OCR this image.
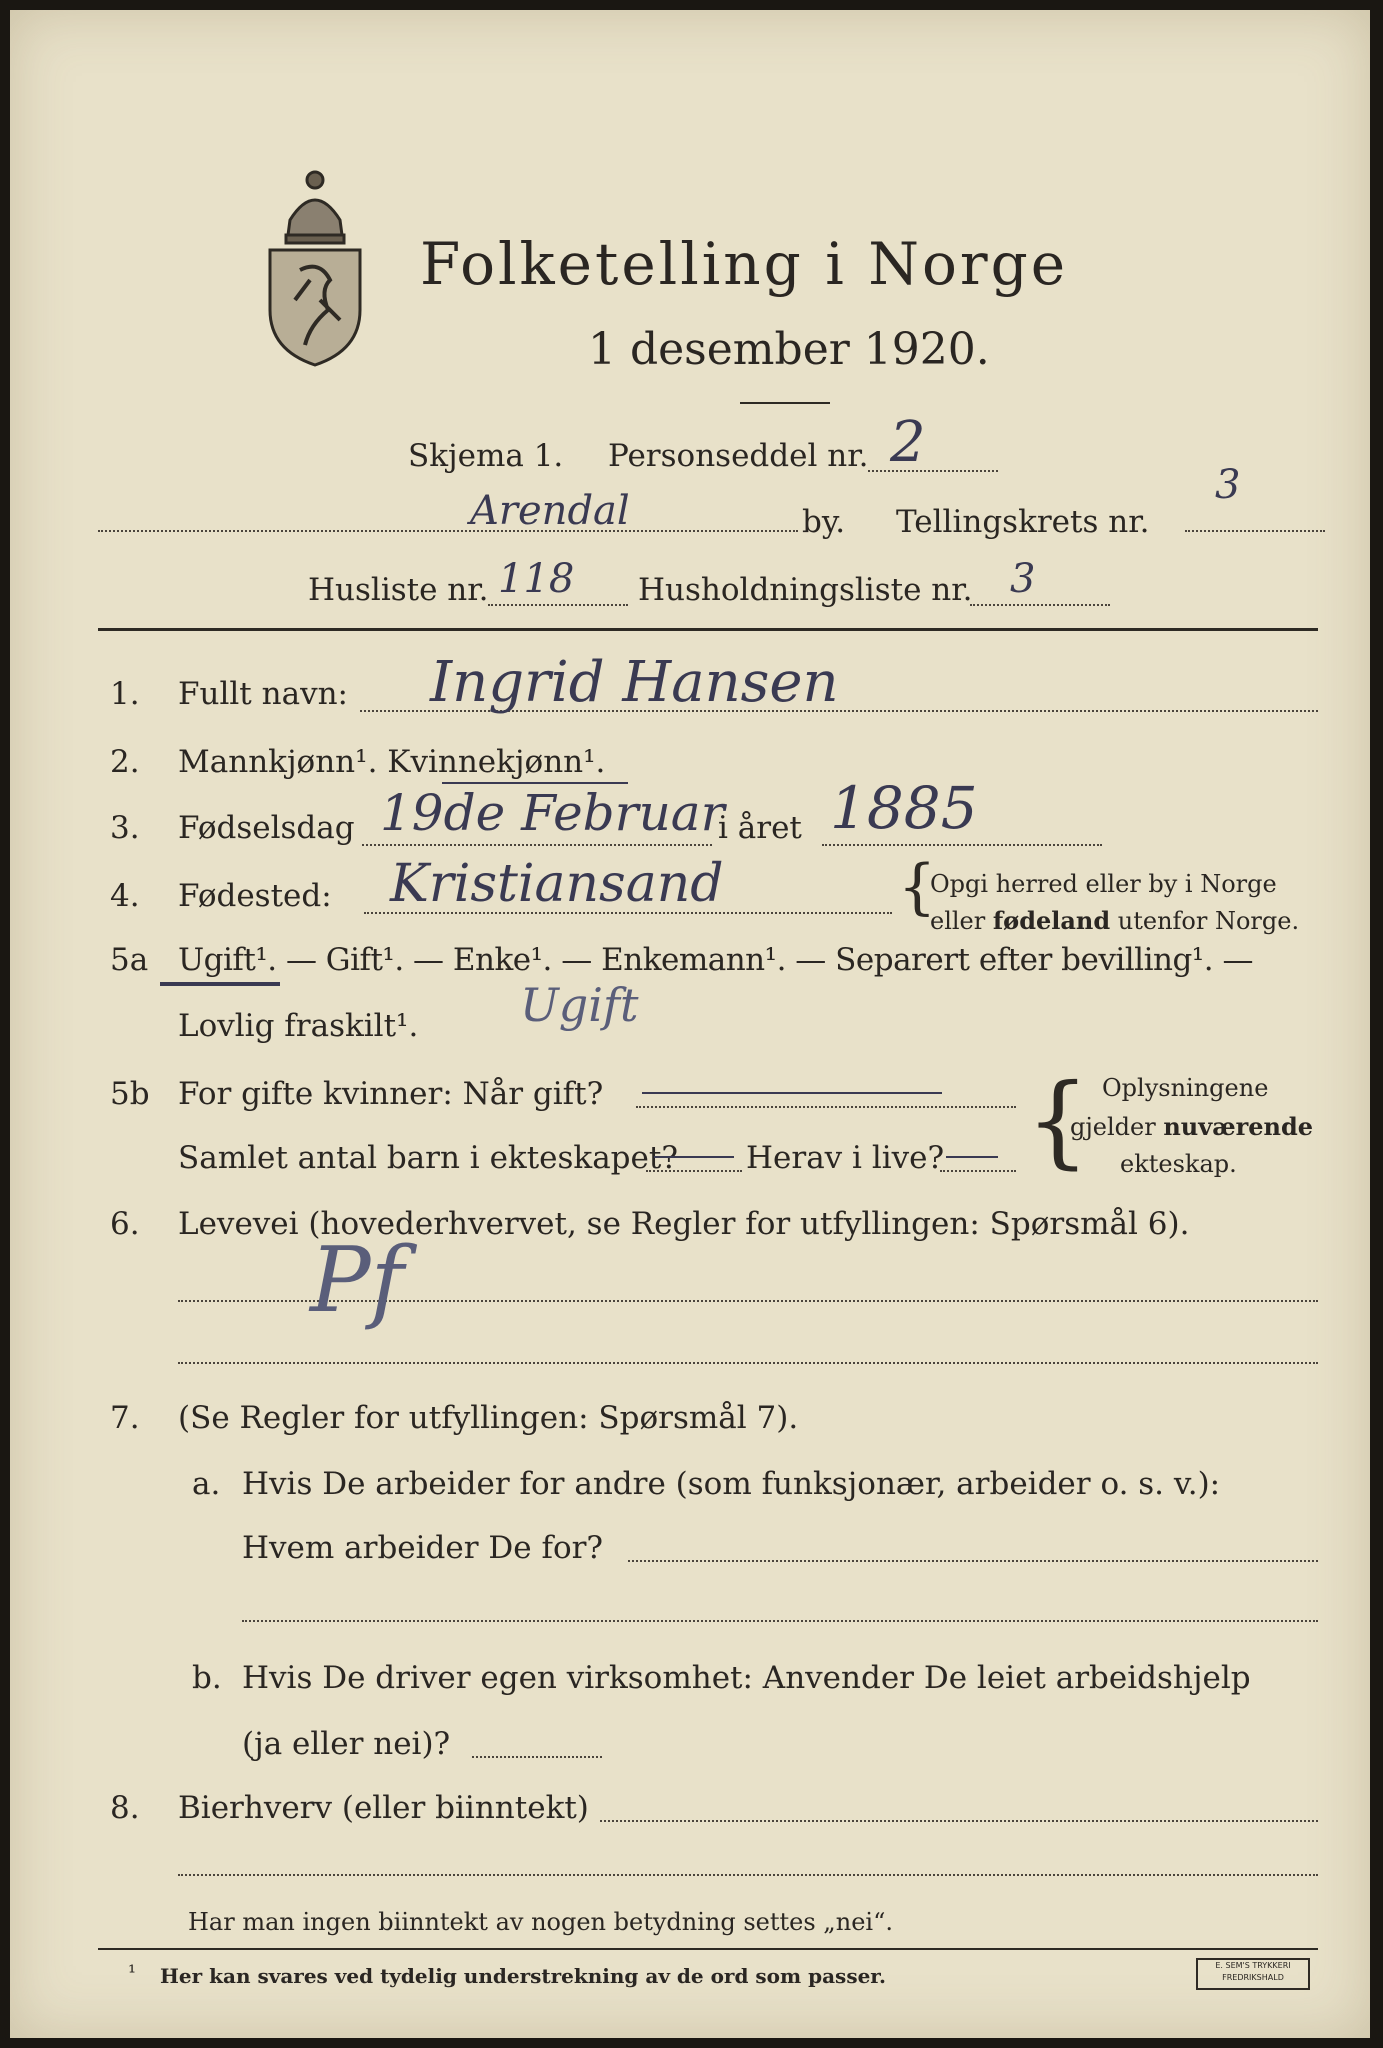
Folketelling i Norge
1 desember 1920.
Skjema 1. Personseddel nr. 2
Arendal	by. Tellingskrets nr.
3
Husliste nr. 118 Husholdningsliste nr. 3
1. Fullt navn: Ingrid Hansen
2. Mannkjønn¹. Kvinnekjønn¹.
3. Fødselsdag 19de Februar
i året 1885
4. Fødested: Kristiansand	{
Opgi herred eller by i Norge
eller fødeland utenfor Norge.
5a Ugift¹. — Gift¹. — Enke¹. — Enkemann¹. — Separert efter bevilling¹. —
Lovlig fraskilt¹. Ugift
5b For gifte kvinner: Når gift?
Samlet antal barn i ekteskapet? Herav i live? { Oplysningene
gjelder nuværende
ekteskap.
6. Levevei (hovederhvervet, se Regler for utfyllingen: Spørsmål 6).
Pf
7. (Se Regler for utfyllingen: Spørsmål 7).
a. Hvis De arbeider for andre (som funksjonær, arbeider o. s. v.):
Hvem arbeider De for?
b. Hvis De driver egen virksomhet: Anvender De leiet arbeidshjelp
(ja eller nei)?
8. Bierhverv (eller biinntekt)
Har man ingen biinntekt av nogen betydning settes „nei“.
¹ Her kan svares ved tydelig understrekning av de ord som passer.	E. SEM'S TRYKKERI FREDRIKSHALD
